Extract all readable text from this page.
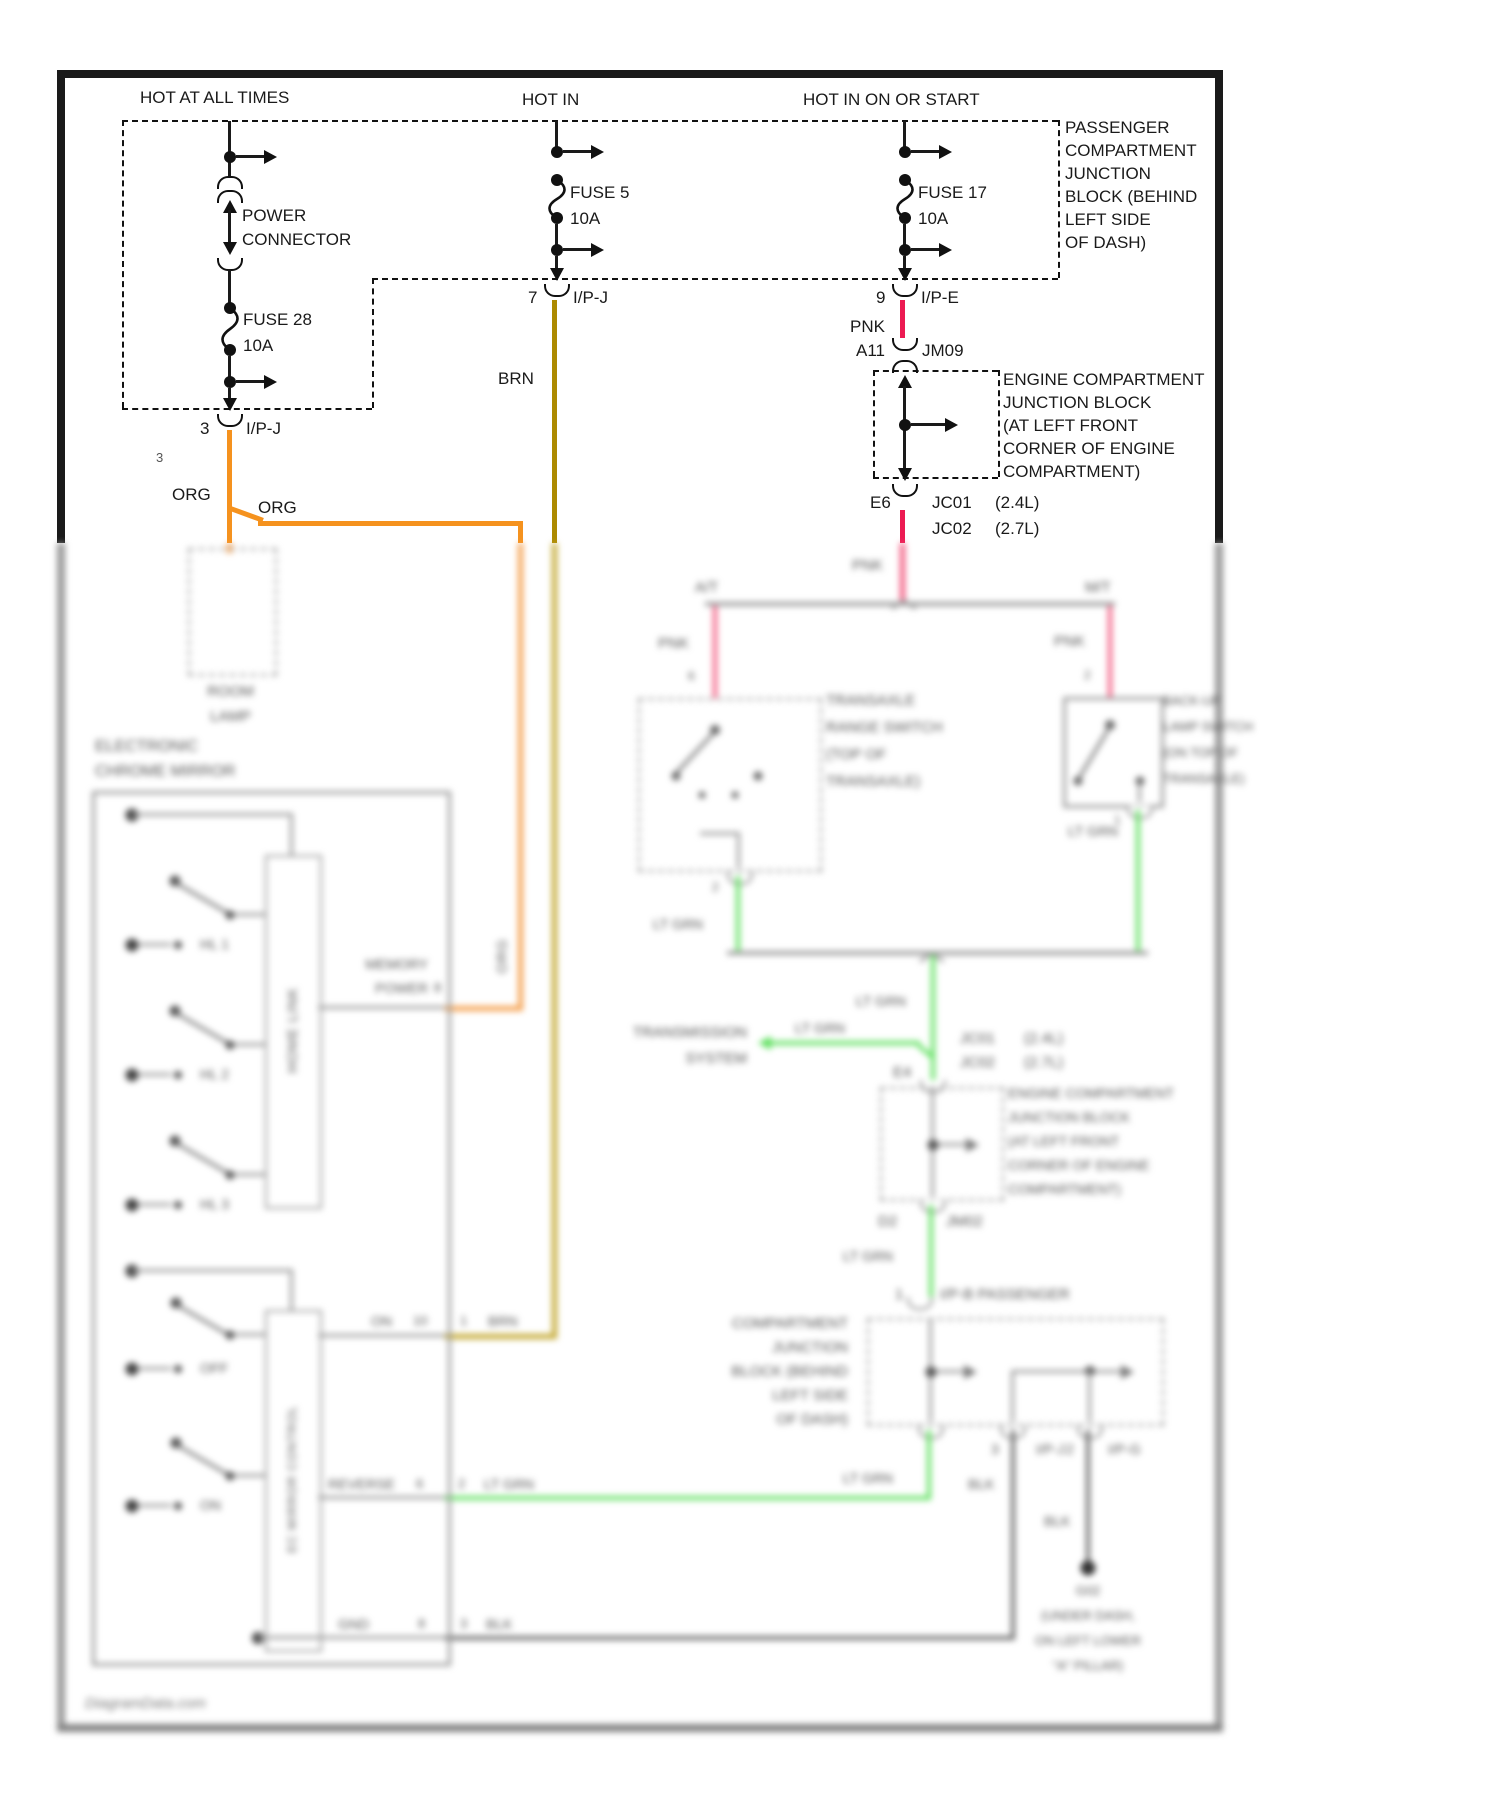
HOT AT ALL TIMES	HOT IN	HOT IN ON OR START
PASSENGER
COMPARTMENT
JUNCTION
BLOCK (BEHIND
LEFT SIDE
OF DASH)
POWER
CONNECTOR
FUSE 28
10A
3 I/P-J
ORG
ORG
3
FUSE 5
10A
7 I/P-J
BRN
FUSE 17
10A
9 I/P-E
PNK
A11 JM09
ENGINE COMPARTMENT
JUNCTION BLOCK
(AT LEFT FRONT
CORNER OF ENGINE
COMPARTMENT)
E6 JC01 (2.4L)
JC02 (2.7L)
DiagramData.com
ORG
PNK
A/T	M/T
PNK
6
TRANSAXLE
RANGE SWITCH
(TOP OF
TRANSAXLE)
2
LT GRN
PNK
2
BACK-UP
LAMP SWITCH
(ON TOP OF
TRANSAXLE)
1
LT GRN
LT GRN
LT GRN
TRANSMISSION
SYSTEM
JC01 (2.4L)
JC02 (2.7L)
E4
ENGINE COMPARTMENT
JUNCTION BLOCK
(AT LEFT FRONT
CORNER OF ENGINE
COMPARTMENT)
D2	JM02
LT GRN
1 I/P-B PASSENGER
COMPARTMENT
JUNCTION
BLOCK (BEHIND
LEFT SIDE
OF DASH)
3	I/P-J 2 I/P-G
BLK
BLK
LT GRN
G02
(UNDER DASH,
ON LEFT LOWER
"A" PILLAR)
ROOM
LAMP
ELECTRONIC
CHROME MIRROR
HOME LINK
EC MIRROR CONTROL
HL 1
HL 2
HL 3
OFF
ON
MEMORY
POWER 8
ON 10	1 BRN
REVERSE 6	2 LT GRN
GND	8	3 BLK
